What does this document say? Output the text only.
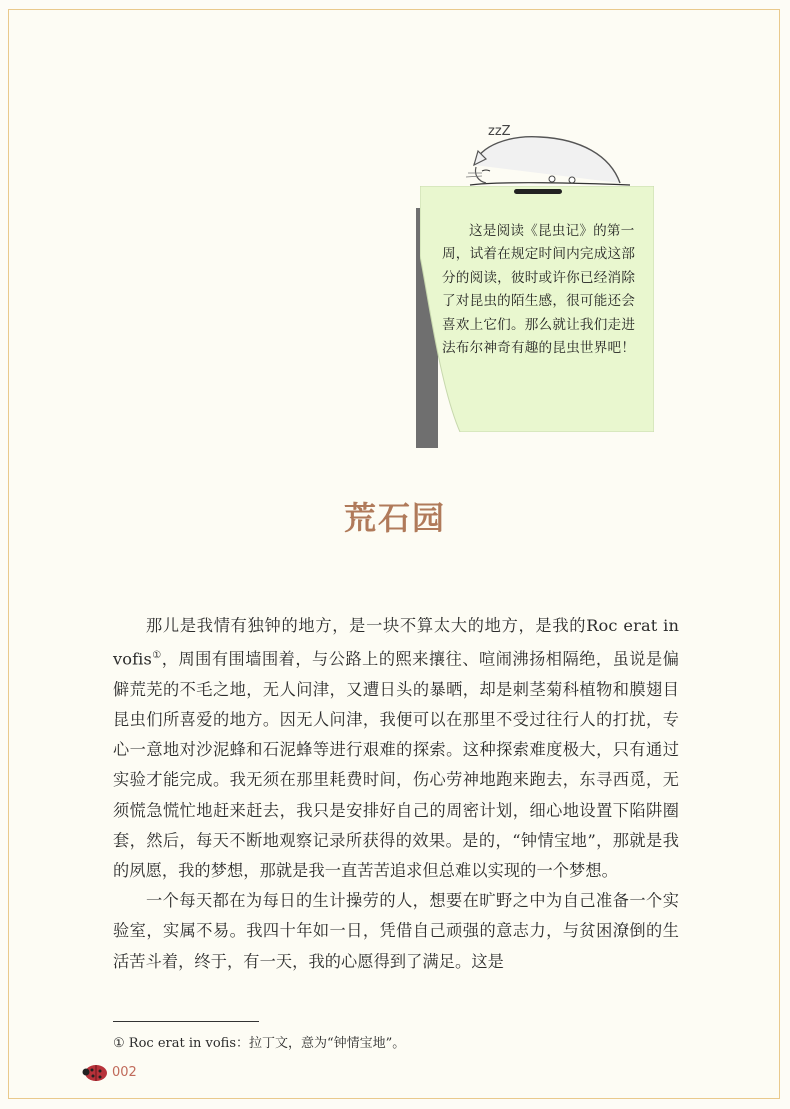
zzZ
这是阅读《昆虫记》的第一周，试着在规定时间内完成这部分的阅读，彼时或许你已经消除了对昆虫的陌生感，很可能还会喜欢上它们。那么就让我们走进法布尔神奇有趣的昆虫世界吧！
荒石园

那儿是我情有独钟的地方，是一块不算太大的地方，是我的Roc erat in vofis①，周围有围墙围着，与公路上的熙来攘往、喧闹沸扬相隔绝，虽说是偏僻荒芜的不毛之地，无人问津，又遭日头的暴晒，却是刺茎菊科植物和膜翅目昆虫们所喜爱的地方。因无人问津，我便可以在那里不受过往行人的打扰，专心一意地对沙泥蜂和石泥蜂等进行艰难的探索。这种探索难度极大，只有通过实验才能完成。我无须在那里耗费时间，伤心劳神地跑来跑去，东寻西觅，无须慌急慌忙地赶来赶去，我只是安排好自己的周密计划，细心地设置下陷阱圈套，然后，每天不断地观察记录所获得的效果。是的，“钟情宝地”，那就是我的夙愿，我的梦想，那就是我一直苦苦追求但总难以实现的一个梦想。

一个每天都在为每日的生计操劳的人，想要在旷野之中为自己准备一个实验室，实属不易。我四十年如一日，凭借自己顽强的意志力，与贫困潦倒的生活苦斗着，终于，有一天，我的心愿得到了满足。这是

① Roc erat in vofis：拉丁文，意为“钟情宝地”。
002
